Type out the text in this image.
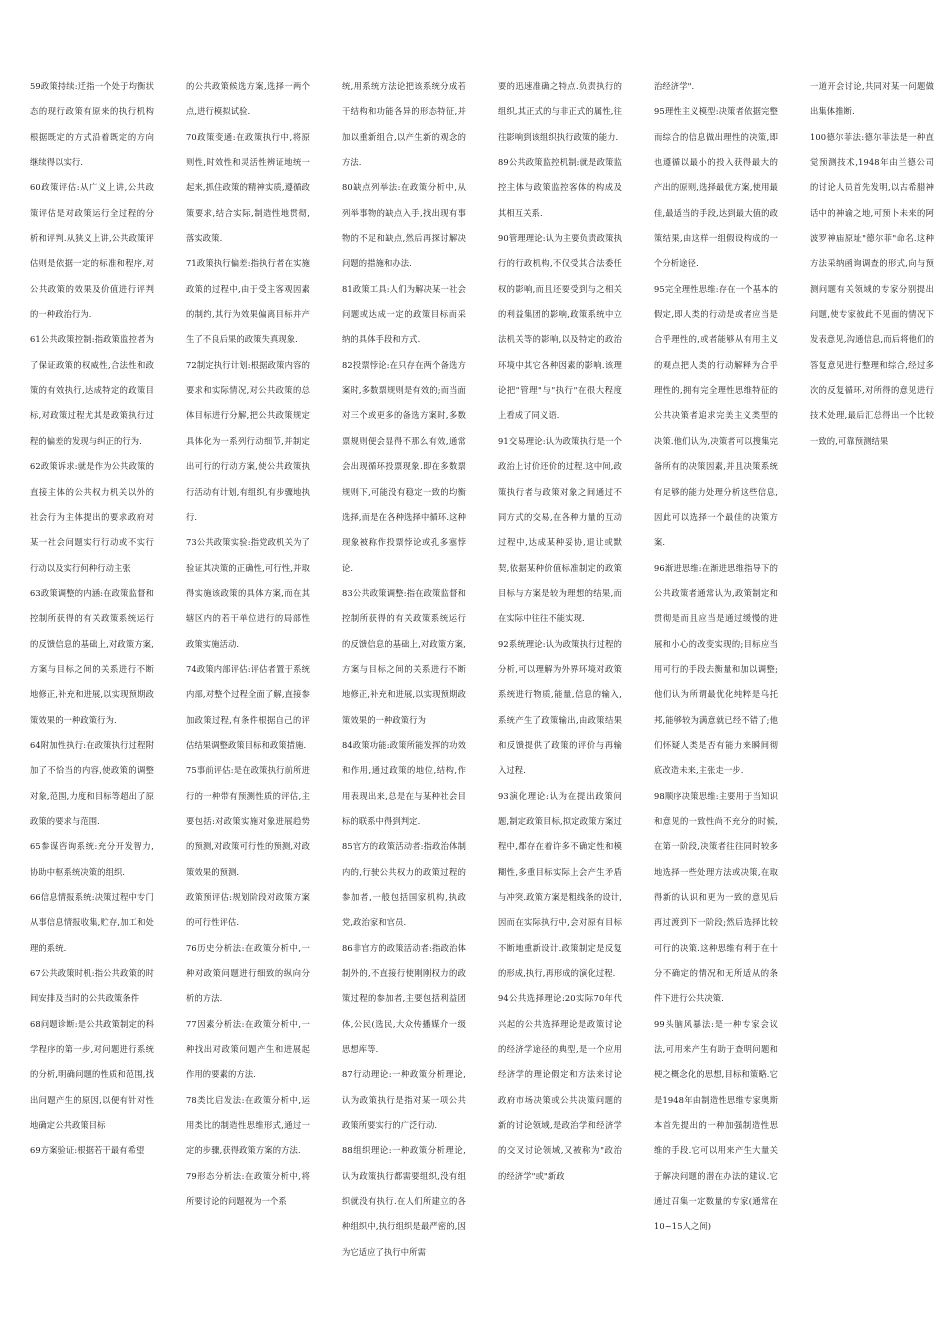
59政策持续:迁指一个处于均衡状态的现行政策有原来的执行机构根据既定的方式沿着既定的方向继续得以实行.

60政策评估:从广义上讲,公共政策评估是对政策运行全过程的分析和评判.从狭义上讲,公共政策评估则是依据一定的标准和程序,对公共政策的效果及价值进行评判的一种政治行为.

61公共政策控制:指政策监控者为了保证政策的权威性,合法性和政策的有效执行,达成特定的政策目标,对政策过程尤其是政策执行过程的偏差的发现与纠正的行为.

62政策诉求:就是作为公共政策的直接主体的公共权力机关以外的社会行为主体提出的要求政府对某一社会问题实行行动或不实行行动以及实行何种行动主张

63政策调整的内涵:在政策监督和控制所获得的有关政策系统运行的反馈信息的基础上,对政策方案,方案与目标之间的关系进行不断地修正,补充和进展,以实现预期政策效果的一种政策行为.

64附加性执行:在政策执行过程附加了不恰当的内容,使政策的调整对象,范围,力度和目标等超出了原政策的要求与范围.

65参谋咨询系统:充分开发智力,协助中枢系统决策的组织.

66信息情报系统:决策过程中专门从事信息情报收集,贮存,加工和处理的系统.

67公共政策时机:指公共政策的时间安排及当时的公共政策条件

68问题诊断:是公共政策制定的科学程序的第一步,对问题进行系统的分析,明确问题的性质和范围,找出问题产生的原因,以便有针对性地确定公共政策目标

69方案验证:根据若干最有希望

的公共政策候选方案,选择一两个点,进行模拟试验.

70政策变通:在政策执行中,将原则性,时效性和灵活性辨证地统一起来,抓住政策的精神实质,遵循政策要求,结合实际,制造性地贯彻,落实政策.

71政策执行偏差:指执行者在实施政策的过程中,由于受主客观因素的制约,其行为效果偏离目标并产生了不良后果的政策失真现象.

72制定执行计划:根据政策内容的要求和实际情况,对公共政策的总体目标进行分解,把公共政策规定具体化为一系列行动细节,并制定出可行的行动方案,使公共政策执行活动有计划,有组织,有步骤地执行.

73公共政策实验:指党政机关为了验证其决策的正确性,可行性,并取得实施该政策的具体方案,而在其辖区内的若干单位进行的局部性政策实施活动.

74政策内部评估:评估者置于系统内部,对整个过程全面了解,直接参加政策过程,有条件根据自己的评估结果调整政策目标和政策措施.

75事前评估:是在政策执行前所进行的一种带有预测性质的评估,主要包括:对政策实施对象进展趋势的预测,对政策可行性的预测,对政策效果的预测.

政策预评估:规划阶段对政策方案的可行性评估.

76历史分析法:在政策分析中,一种对政策问题进行细致的纵向分析的方法.

77因素分析法:在政策分析中,一种找出对政策问题产生和进展起作用的要素的方法.

78类比启发法:在政策分析中,运用类比的制造性思维形式,通过一定的步骤,获得政策方案的方法.

79形态分析法:在政策分析中,将所要讨论的问题视为一个系

统,用系统方法论把该系统分成若干结构和功能各异的形态特征,并加以重新组合,以产生新的观念的方法.

80缺点列举法:在政策分析中,从列举事物的缺点入手,找出现有事物的不足和缺点,然后再探讨解决问题的措施和办法.

81政策工具:人们为解决某一社会问题或达成一定的政策目标而采纳的具体手段和方式.

82投票悖论:在只存在两个备选方案时,多数票规则是有效的;而当面对三个或更多的备选方案时,多数票规则便会显得不那么有效,通常会出现循环投票现象.即在多数票规则下,可能没有稳定一致的均衡选择,而是在各种选择中循环.这种现象被称作投票悖论或孔多塞悖论.

83公共政策调整:指在政策监督和控制所获得的有关政策系统运行的反馈信息的基础上,对政策方案,方案与目标之间的关系进行不断地修正,补充和进展,以实现预期政策效果的一种政策行为

84政策功能:政策所能发挥的功效和作用,通过政策的地位,结构,作用表现出来,总是在与某种社会目标的联系中得到判定.

85官方的政策活动者:指政治体制内的,行驶公共权力的政策过程的参加者,一般包括国家机构,执政党,政治家和官员.

86非官方的政策活动者:指政治体制外的,不直接行使刚刚权力的政策过程的参加者,主要包括利益团体,公民(选民,大众传播媒介一级思想库等.

87行动理论:一种政策分析理论,认为政策执行是指对某一项公共政策所要实行的广泛行动.

88组织理论:一种政策分析理论,认为政策执行都需要组织,没有组织就没有执行.在人们所建立的各种组织中,执行组织是最严密的,因为它适应了执行中所需

要的迅速准确之特点.负责执行的组织,其正式的与非正式的属性,往往影响到该组织执行政策的能力.

89公共政策监控机制:就是政策监控主体与政策监控客体的构成及其相互关系.

90管理理论:认为主要负责政策执行的行政机构,不仅受其合法委任权的影响,而且还要受到与之相关的利益集团的影响,政策系统中立法机关等的影响,以及特定的政治环境中其它各种因素的影响.该理论把"管理"与"执行"在很大程度上看成了同义语.

91交易理论:认为政策执行是一个政治上讨价还价的过程.这中间,政策执行者与政策对象之间通过不同方式的交易,在各种力量的互动过程中,达成某种妥协,退让或默契,依据某种价值标准制定的政策目标与方案是较为理想的结果,而在实际中往往不能实现.

92系统理论:认为政策执行过程的分析,可以理解为外界环境对政策系统进行物质,能量,信息的输入,系统产生了政策输出,由政策结果和反馈提供了政策的评价与再输入过程.

93演化理论:认为在提出政策问题,制定政策目标,拟定政策方案过程中,都存在着许多不确定性和模糊性,多重目标实际上会产生矛盾与冲突.政策方案是粗线条的设计,因而在实际执行中,会对原有目标不断地重新设计.政策制定是反复的形成,执行,再形成的演化过程.

94公共选择理论:20实际70年代兴起的公共选择理论是政策讨论的经济学途径的典型,是一个应用经济学的理论假定和方法来讨论政府市场决策或公共决策问题的新的讨论领域,是政治学和经济学的交叉讨论领域,又被称为"政治的经济学"或"新政

治经济学".

95理性主义模型:决策者依据完整而综合的信息做出理性的决策,即也遵循以最小的投入获得最大的产出的原则,选择最优方案,使用最佳,最适当的手段,达到最大值的政策结果,由这样一组假设构成的一个分析途径.

95完全理性思维:存在一个基本的假定,即人类的行动是或者应当是合乎理性的,或者能够从有用主义的观点把人类的行动解释为合乎理性的,拥有完全理性思维特征的公共决策者追求完美主义类型的决策.他们认为,决策者可以搜集完备所有的决策因素,并且决策系统有足够的能力处理分析这些信息,因此可以选择一个最佳的决策方案.

96渐进思维:在渐进思维指导下的公共政策者通常认为,政策制定和贯彻是而且应当是通过缓慢的进展和小心的改变实现的;目标应当用可行的手段去衡量和加以调整;他们认为所谓最优化纯粹是乌托邦,能够较为满意就已经不错了;他们怀疑人类是否有能力来瞬间彻底改造未来,主张走一步.

98顺序决策思维:主要用于当知识和意见的一致性尚不充分的时候,在第一阶段,决策者往往同时较多地选择一些处理方法或决策,在取得新的认识和更为一致的意见后再过渡到下一阶段;然后选择比较可行的决策.这种思维有利于在十分不确定的情况和无所适从的条件下进行公共决策.

99头脑风暴法:是一种专家会议法,可用来产生有助于查明问题和梗之概念化的思想,目标和策略.它是1948年由制造性思维专家奥斯本首先提出的一种加强制造性思维的手段.它可以用来产生大量关于解决问题的潜在办法的建议.它通过召集一定数量的专家(通常在10~15人之间)

一道开会讨论,共同对某一问题做出集体推断.

100德尔菲法:德尔菲法是一种直觉预测技术,1948年由兰德公司的讨论人员首先发明,以古希腊神话中的神谕之地,可预卜未来的阿波罗神庙原址"德尔菲"命名.这种方法采纳函询调查的形式,向与预测问题有关领域的专家分别提出问题,使专家彼此不见面的情况下发表意见,沟通信息,而后将他们的答复意见进行整理和综合,经过多次的反复循环,对所得的意见进行技术处理,最后汇总得出一个比较一致的,可靠预测结果
